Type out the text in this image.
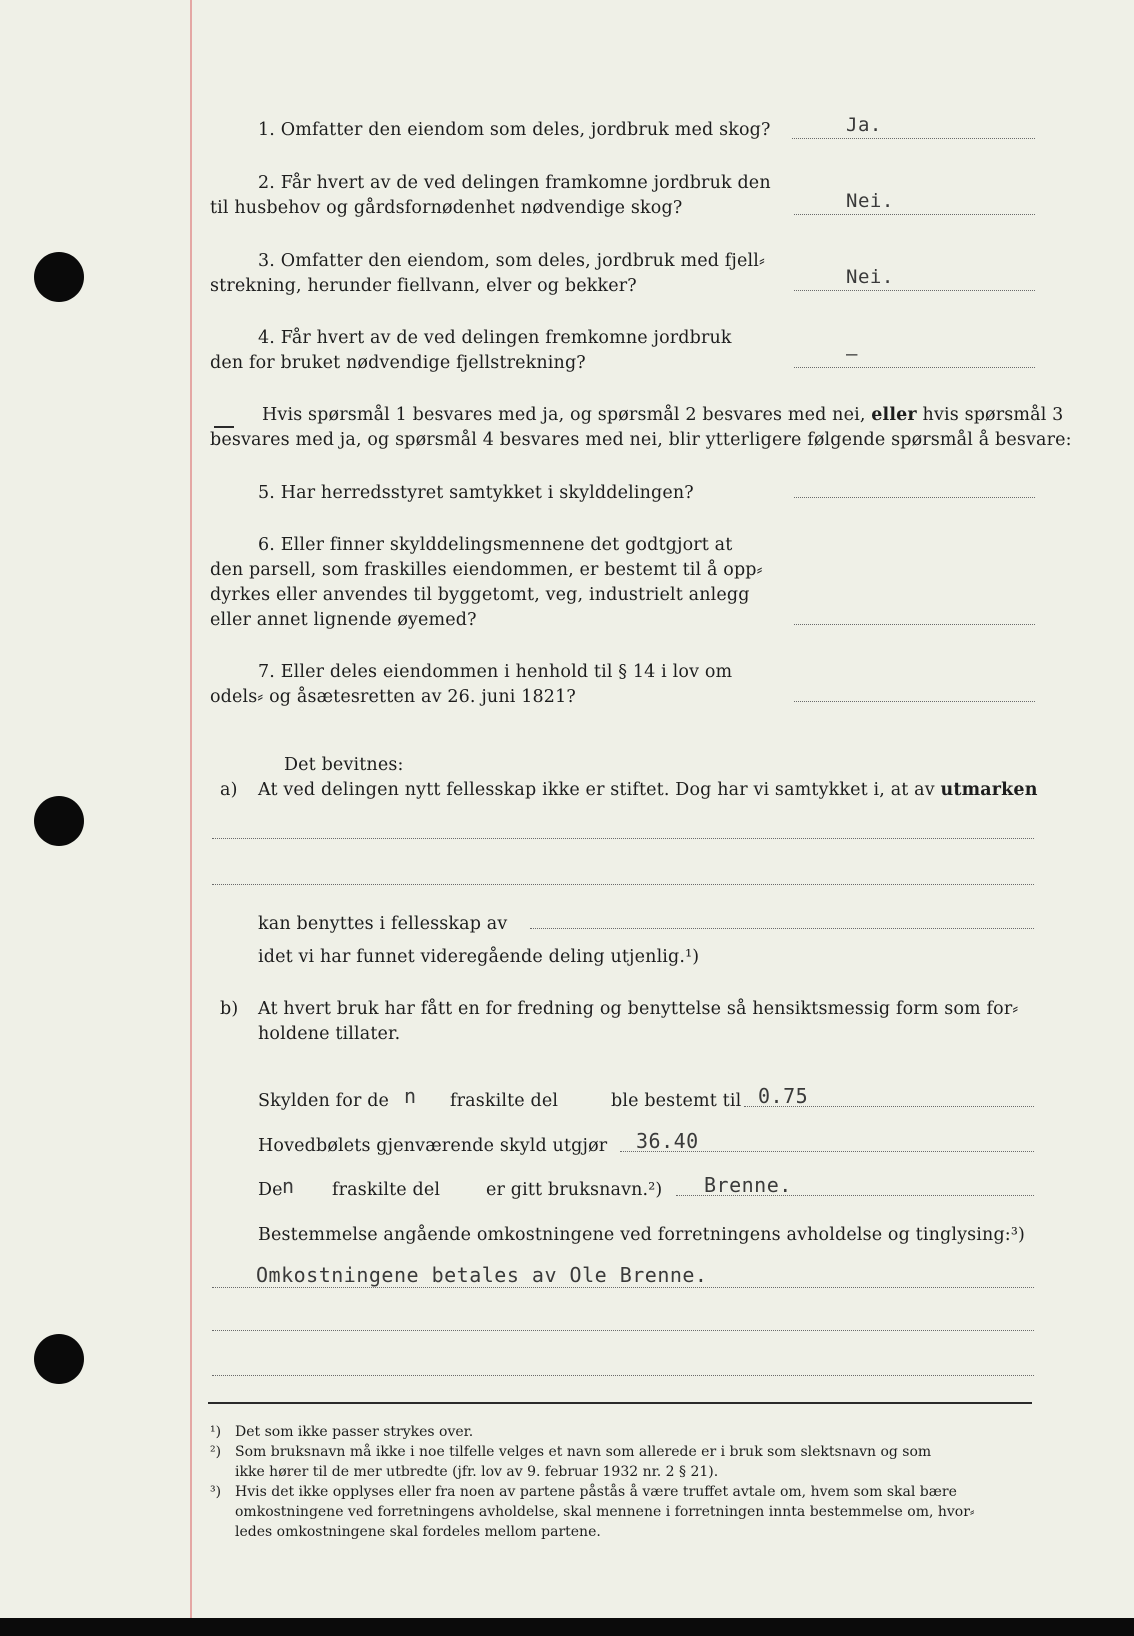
1. Omfatter den eiendom som deles, jordbruk med skog?	Ja.
2. Får hvert av de ved delingen framkomne jordbruk den
til husbehov og gårdsfornødenhet nødvendige skog?	Nei.
3. Omfatter den eiendom, som deles, jordbruk med fjell⸗
strekning, herunder fiellvann, elver og bekker?	Nei.
4. Får hvert av de ved delingen fremkomne jordbruk
den for bruket nødvendige fjellstrekning?	–
Hvis spørsmål 1 besvares med ja, og spørsmål 2 besvares med nei, eller hvis spørsmål 3
besvares med ja, og spørsmål 4 besvares med nei, blir ytterligere følgende spørsmål å besvare:
5. Har herredsstyret samtykket i skylddelingen?
6. Eller finner skylddelingsmennene det godtgjort at
den parsell, som fraskilles eiendommen, er bestemt til å opp⸗
dyrkes eller anvendes til byggetomt, veg, industrielt anlegg
eller annet lignende øyemed?
7. Eller deles eiendommen i henhold til § 14 i lov om
odels⸗ og åsætesretten av 26. juni 1821?
Det bevitnes:
a) At ved delingen nytt fellesskap ikke er stiftet. Dog har vi samtykket i, at av utmarken
kan benyttes i fellesskap av
idet vi har funnet videregående deling utjenlig.¹)
b) At hvert bruk har fått en for fredning og benyttelse så hensiktsmessig form som for⸗
holdene tillater.
Skylden for de n fraskilte del	ble bestemt til 0.75
Hovedbølets gjenværende skyld utgjør 36.40
De n fraskilte del	er gitt bruksnavn.²) Brenne.
Bestemmelse angående omkostningene ved forretningens avholdelse og tinglysing:³)
Omkostningene betales av Ole Brenne.
¹) Det som ikke passer strykes over.
²) Som bruksnavn må ikke i noe tilfelle velges et navn som allerede er i bruk som slektsnavn og som
ikke hører til de mer utbredte (jfr. lov av 9. februar 1932 nr. 2 § 21).
³) Hvis det ikke opplyses eller fra noen av partene påstås å være truffet avtale om, hvem som skal bære
omkostningene ved forretningens avholdelse, skal mennene i forretningen innta bestemmelse om, hvor⸗
ledes omkostningene skal fordeles mellom partene.
